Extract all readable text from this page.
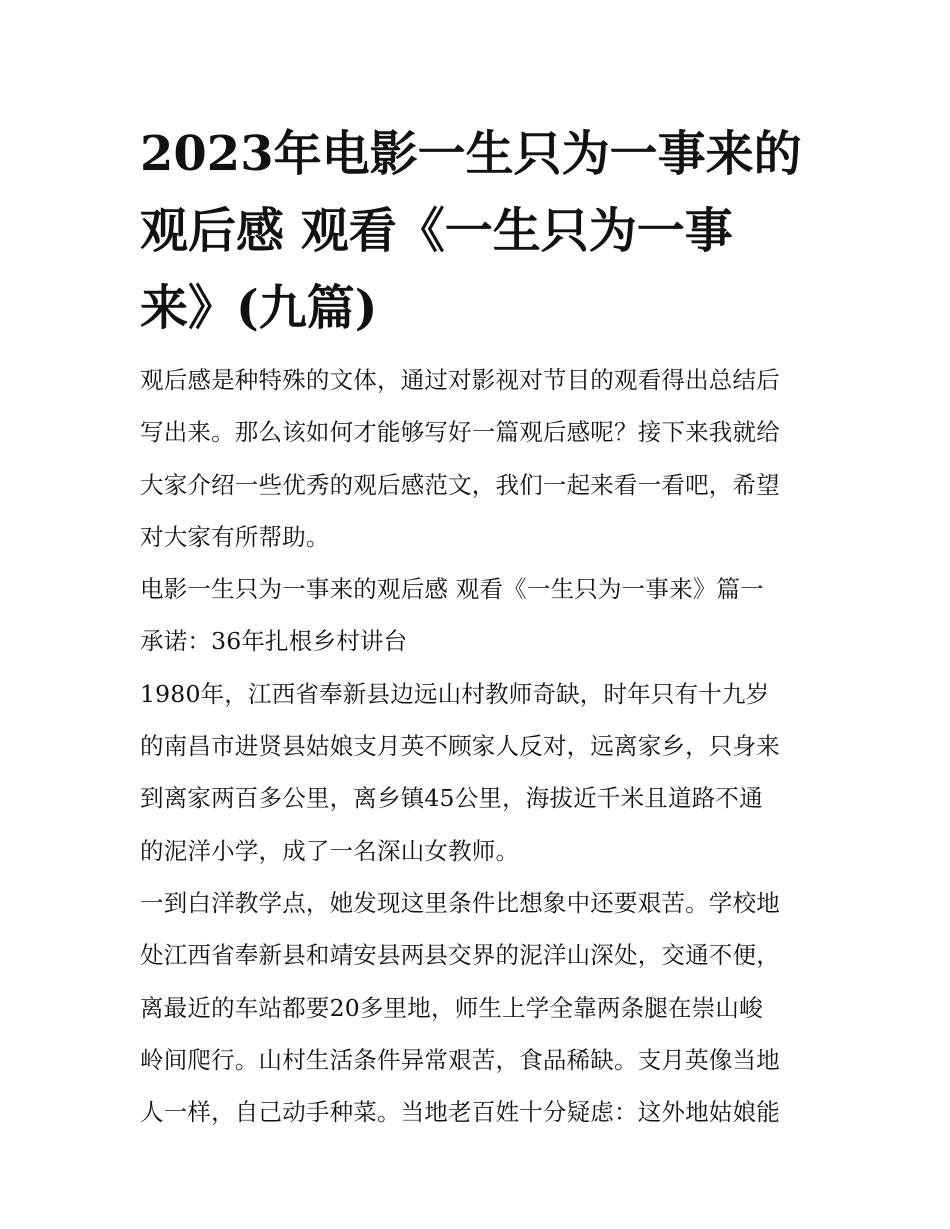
2023年电影一生只为一事来的
观后感 观看《一生只为一事
来》(九篇)
观后感是种特殊的文体，通过对影视对节目的观看得出总结后
写出来。那么该如何才能够写好一篇观后感呢？接下来我就给
大家介绍一些优秀的观后感范文，我们一起来看一看吧，希望
对大家有所帮助。
电影一生只为一事来的观后感 观看《一生只为一事来》篇一
承诺：36年扎根乡村讲台
1980年，江西省奉新县边远山村教师奇缺，时年只有十九岁
的南昌市进贤县姑娘支月英不顾家人反对，远离家乡，只身来
到离家两百多公里，离乡镇45公里，海拔近千米且道路不通
的泥洋小学，成了一名深山女教师。
一到白洋教学点，她发现这里条件比想象中还要艰苦。学校地
处江西省奉新县和靖安县两县交界的泥洋山深处，交通不便，
离最近的车站都要20多里地，师生上学全靠两条腿在崇山峻
岭间爬行。山村生活条件异常艰苦，食品稀缺。支月英像当地
人一样，自己动手种菜。当地老百姓十分疑虑：这外地姑娘能
